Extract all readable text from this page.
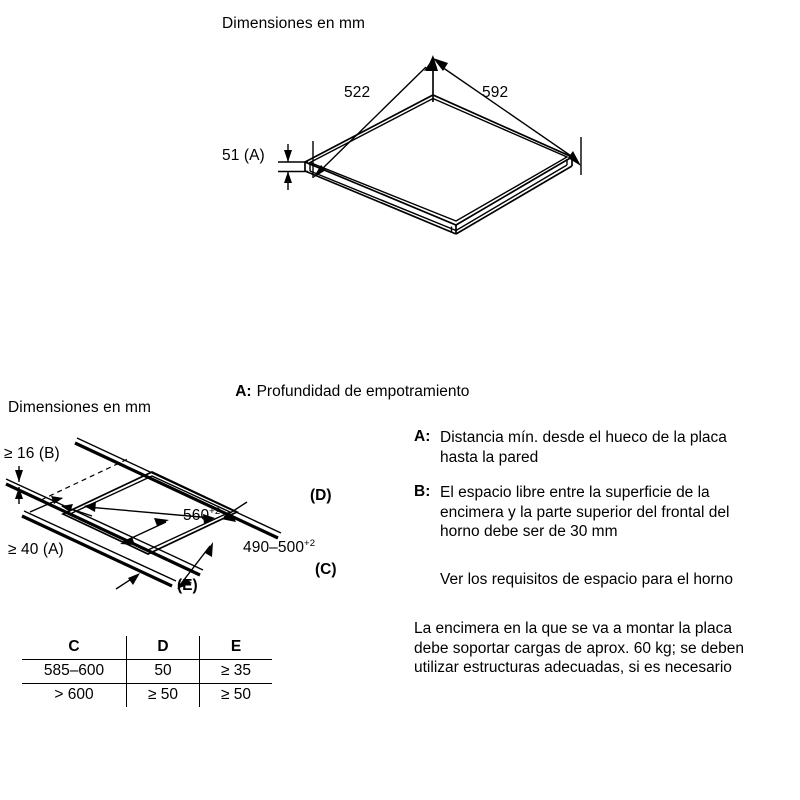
Dimensiones en mm
522	592
51 (A)

A: Profundidad de empotramiento

Dimensiones en mm
≥ 16 (B)
≥ 40 (A)
$560^{+2}$
$490-500^{+2}$
(D)
(C)
(E)
C	D	E
585–600	50	≥ 35
> 600	≥ 50	≥ 50
A: Distancia mín. desde el hueco de la placa hasta la pared
B: El espacio libre entre la superficie de la encimera y la parte superior del frontal del horno debe ser de 30 mm
Ver los requisitos de espacio para el horno
La encimera en la que se va a montar la placa debe soportar cargas de aprox. 60 kg; se deben utilizar estructuras adecuadas, si es necesario
